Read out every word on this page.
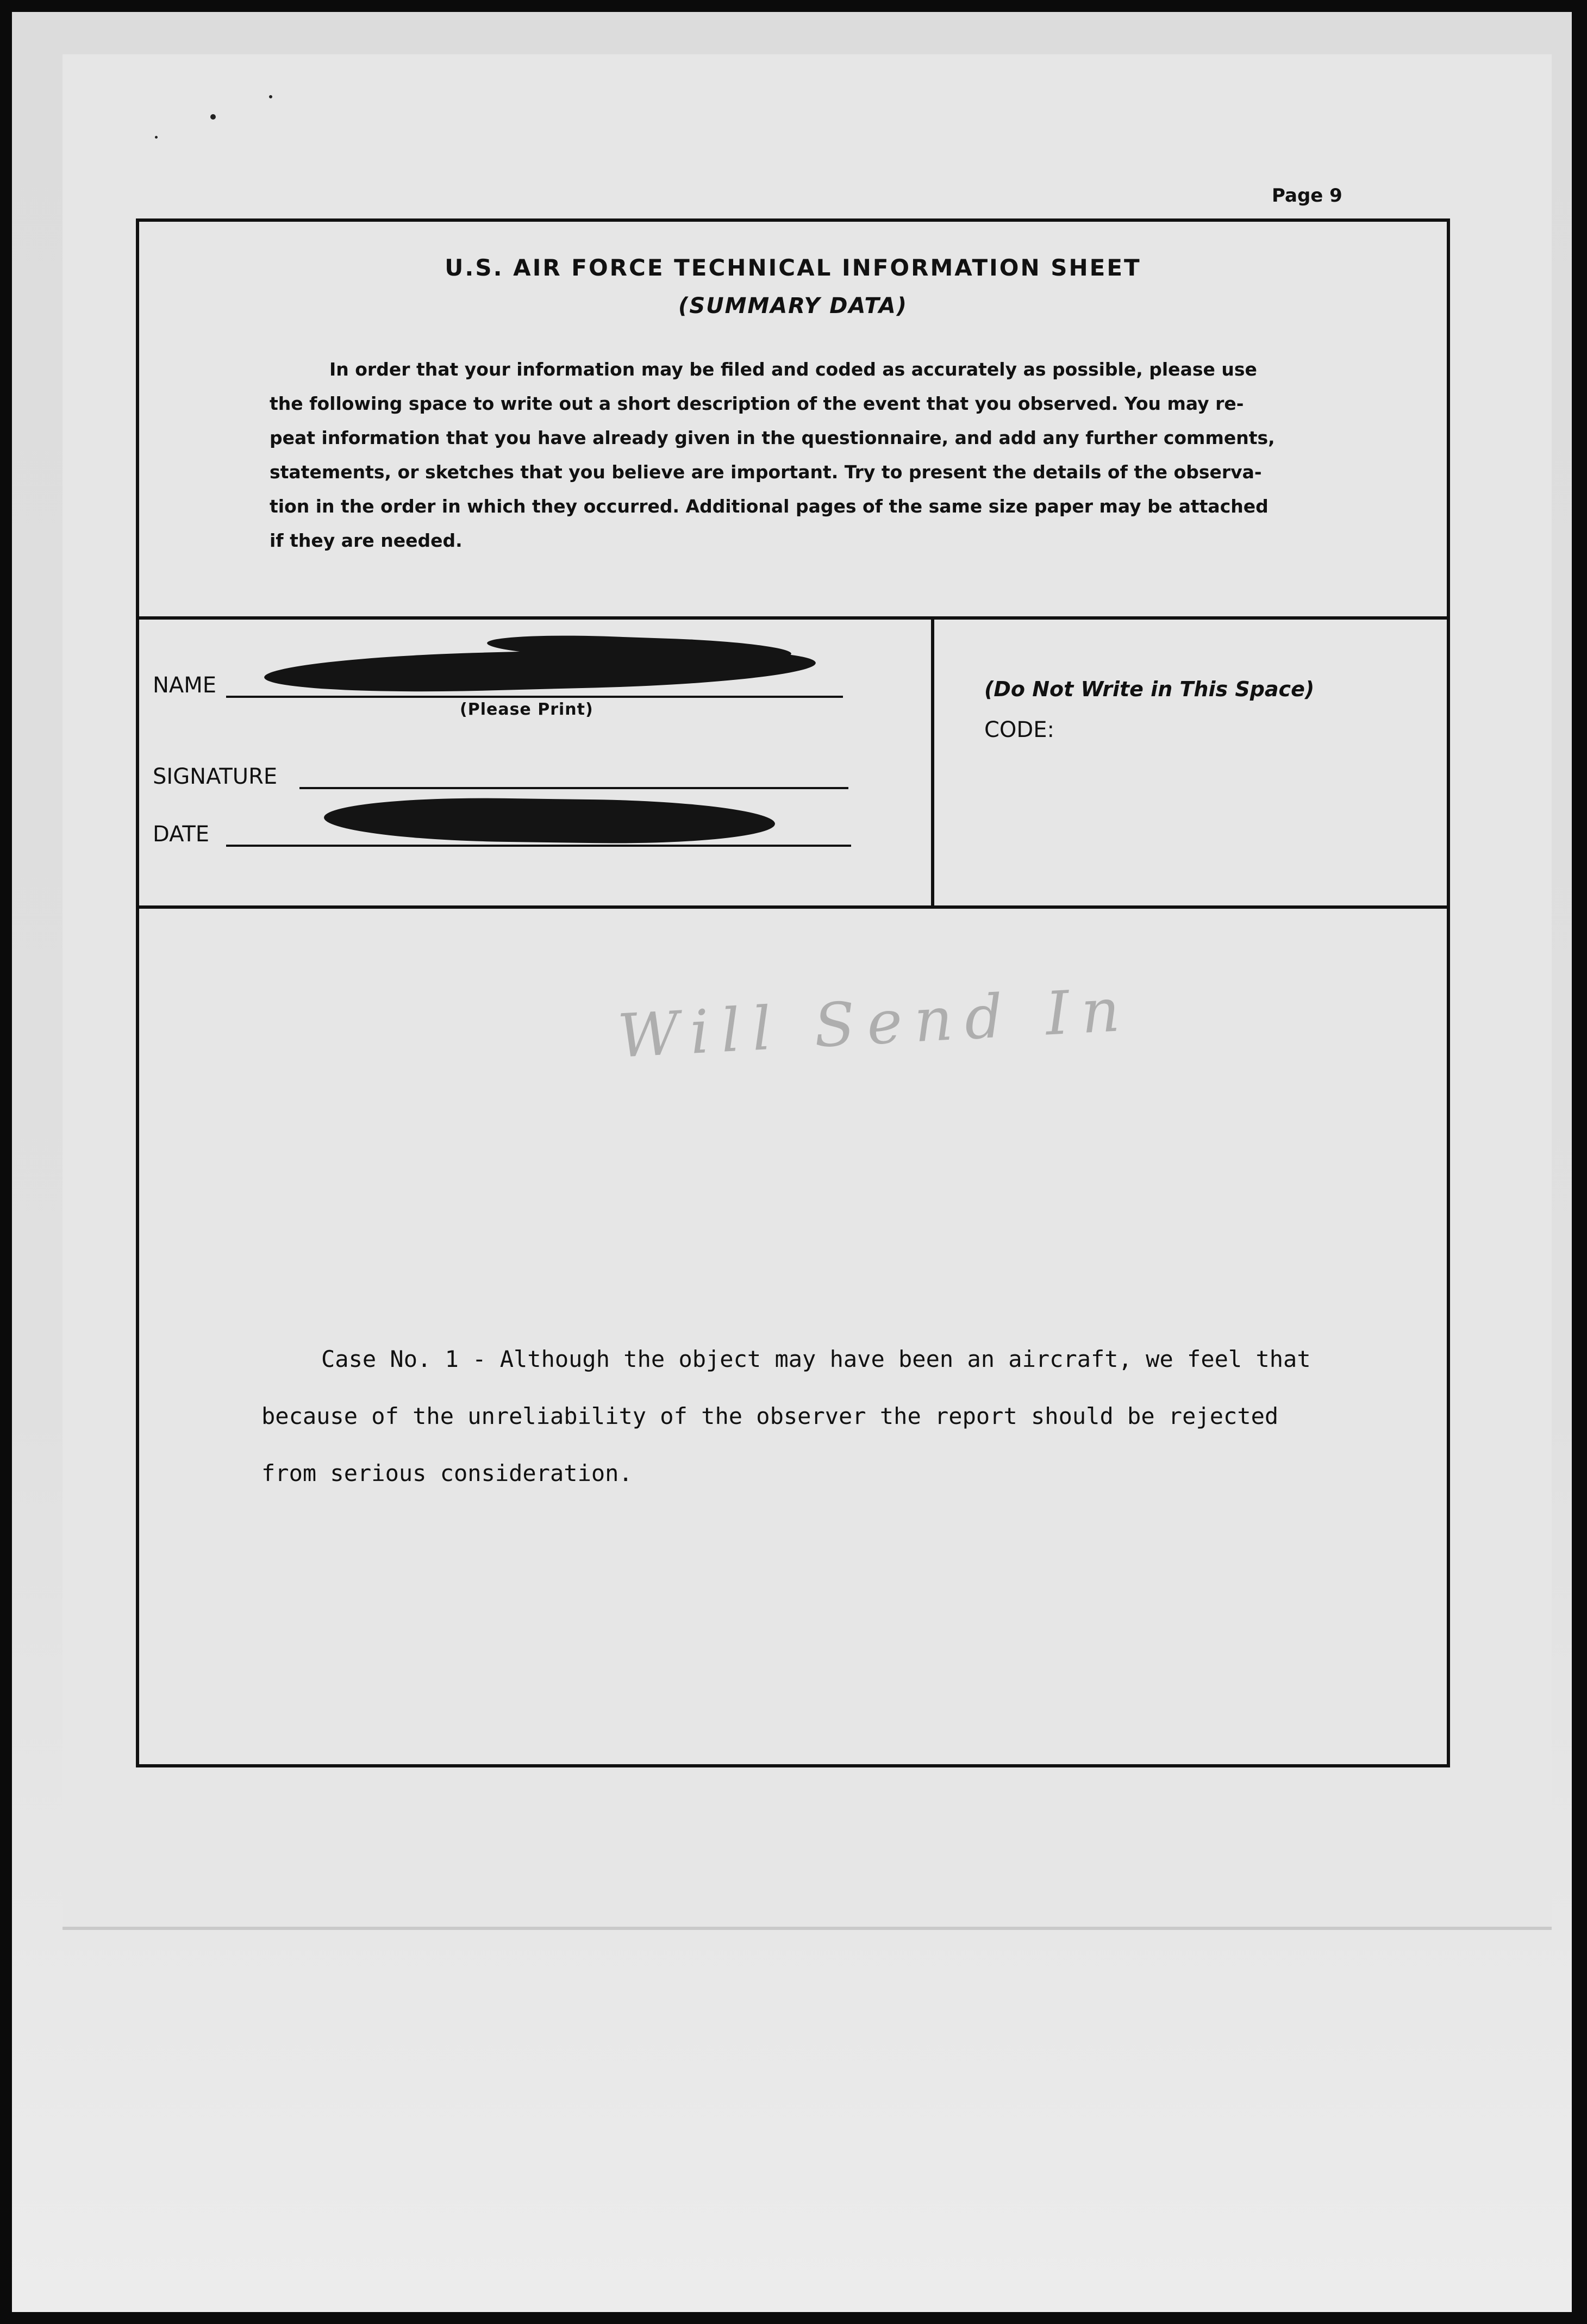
Page 9
U.S. AIR FORCE TECHNICAL INFORMATION SHEET
(SUMMARY DATA)
In order that your information may be filed and coded as accurately as possible, please use
the following space to write out a short description of the event that you observed. You may re-
peat information that you have already given in the questionnaire, and add any further comments,
statements, or sketches that you believe are important. Try to present the details of the observa-
tion in the order in which they occurred. Additional pages of the same size paper may be attached
if they are needed.
NAME
(Please Print)
SIGNATURE
DATE
(Do Not Write in This Space)
CODE:
Will Send In
Case No. 1 - Although the object may have been an aircraft, we feel that
because of the unreliability of the observer the report should be rejected
from serious consideration.
